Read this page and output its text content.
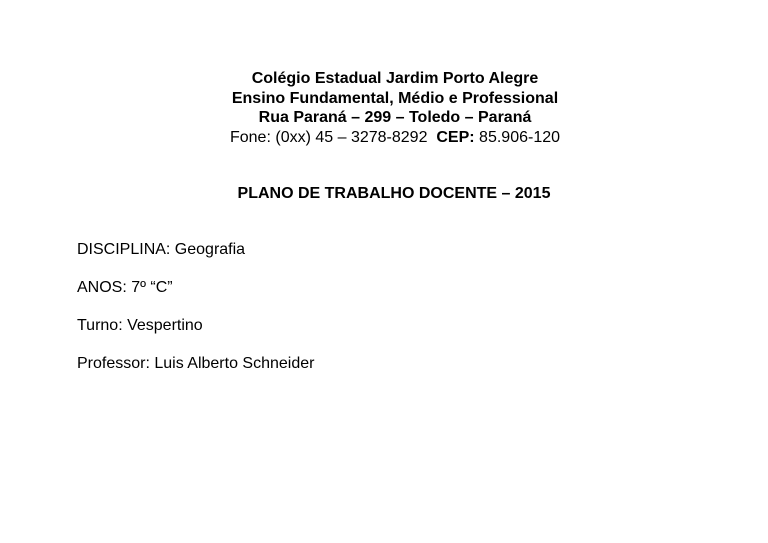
Colégio Estadual Jardim Porto Alegre
Ensino Fundamental, Médio e Professional
Rua Paraná – 299 – Toledo – Paraná
Fone: (0xx) 45 – 3278-8292 CEP: 85.906-120
PLANO DE TRABALHO DOCENTE – 2015
DISCIPLINA: Geografia
ANOS: 7º “C”
Turno: Vespertino
Professor: Luis Alberto Schneider
